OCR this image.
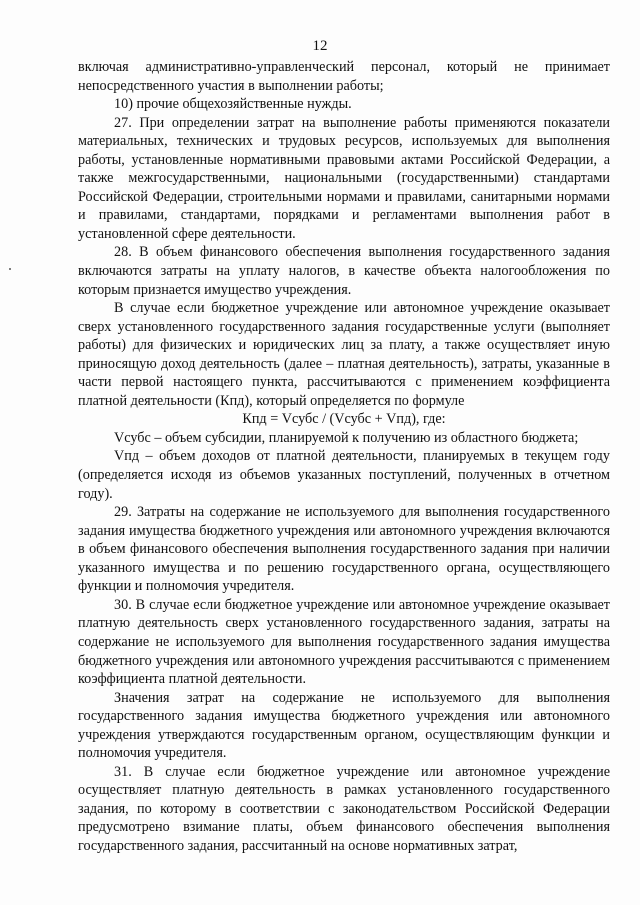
12

включая административно-управленческий персонал, который не принимает непосредственного участия в выполнении работы;

10) прочие общехозяйственные нужды.

27. При определении затрат на выполнение работы применяются показатели материальных, технических и трудовых ресурсов, используемых для выполнения работы, установленные нормативными правовыми актами Российской Федерации, а также межгосударственными, национальными (государственными) стандартами Российской Федерации, строительными нормами и правилами, санитарными нормами и правилами, стандартами, порядками и регламентами выполнения работ в установленной сфере деятельности.

28. В объем финансового обеспечения выполнения государственного задания включаются затраты на уплату налогов, в качестве объекта налогообложения по которым признается имущество учреждения.

В случае если бюджетное учреждение или автономное учреждение оказывает сверх установленного государственного задания государственные услуги (выполняет работы) для физических и юридических лиц за плату, а также осуществляет иную приносящую доход деятельность (далее – платная деятельность), затраты, указанные в части первой настоящего пункта, рассчитываются с применением коэффициента платной деятельности (Кпд), который определяется по формуле

Кпд = Vсубс / (Vсубс + Vпд), где:

Vсубс – объем субсидии, планируемой к получению из областного бюджета;

Vпд – объем доходов от платной деятельности, планируемых в текущем году (определяется исходя из объемов указанных поступлений, полученных в отчетном году).

29. Затраты на содержание не используемого для выполнения государственного задания имущества бюджетного учреждения или автономного учреждения включаются в объем финансового обеспечения выполнения государственного задания при наличии указанного имущества и по решению государственного органа, осуществляющего функции и полномочия учредителя.

30. В случае если бюджетное учреждение или автономное учреждение оказывает платную деятельность сверх установленного государственного задания, затраты на содержание не используемого для выполнения государственного задания имущества бюджетного учреждения или автономного учреждения рассчитываются с применением коэффициента платной деятельности.

Значения затрат на содержание не используемого для выполнения государственного задания имущества бюджетного учреждения или автономного учреждения утверждаются государственным органом, осуществляющим функции и полномочия учредителя.

31. В случае если бюджетное учреждение или автономное учреждение осуществляет платную деятельность в рамках установленного государственного задания, по которому в соответствии с законодательством Российской Федерации предусмотрено взимание платы, объем финансового обеспечения выполнения государственного задания, рассчитанный на основе нормативных затрат,
